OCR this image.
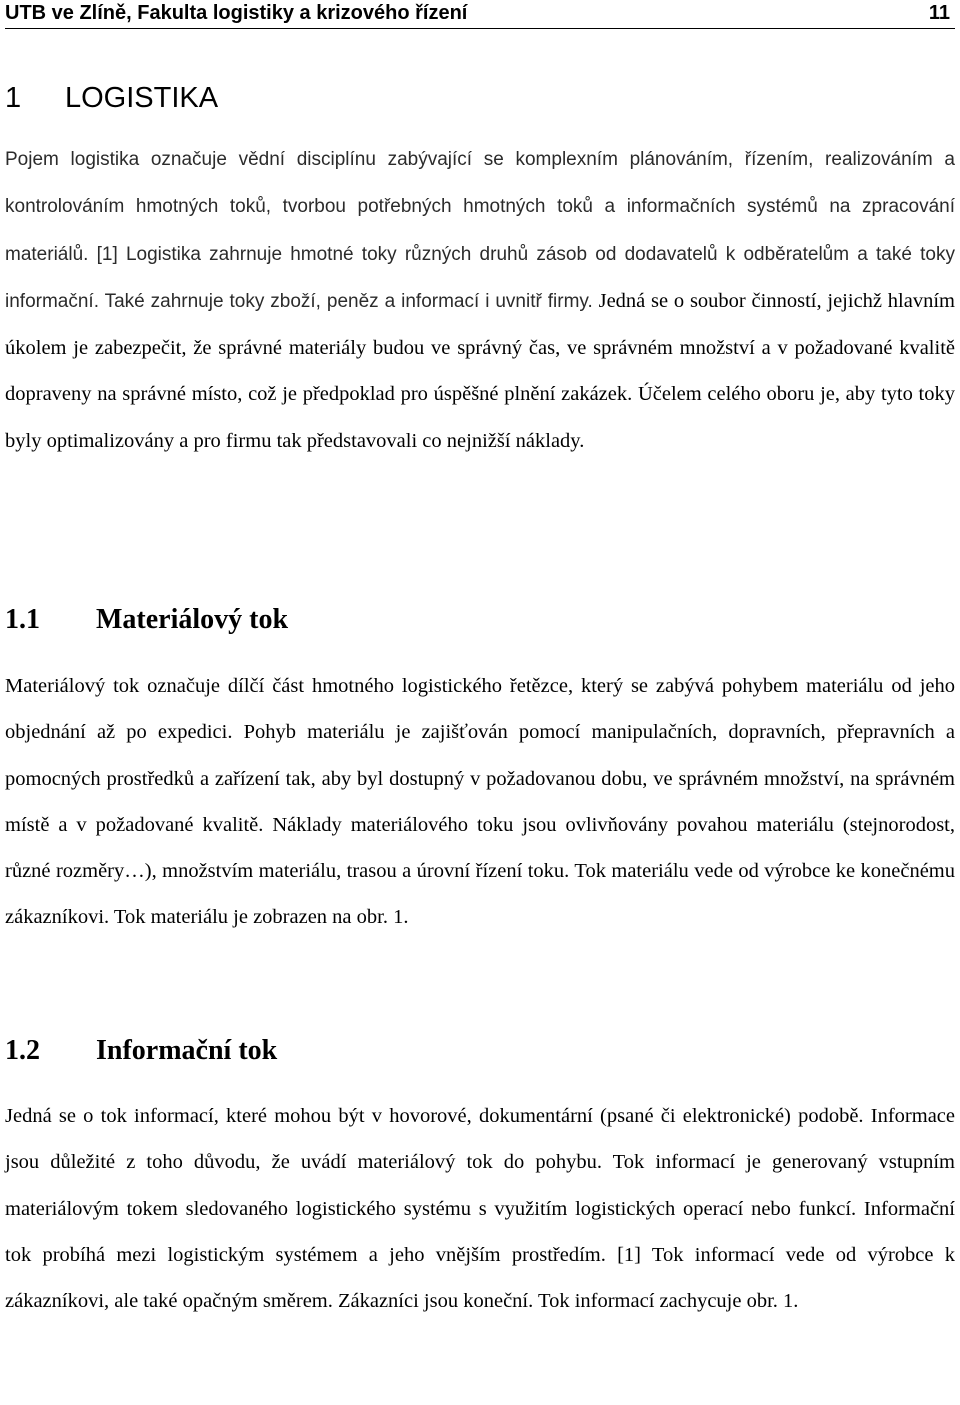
UTB ve Zlíně, Fakulta logistiky a krizového řízení	11
1 LOGISTIKA

Pojem logistika označuje vědní disciplínu zabývající se komplexním plánováním, řízením, realizováním a kontrolováním hmotných toků, tvorbou potřebných hmotných toků a informačních systémů na zpracování materiálů. [1] Logistika zahrnuje hmotné toky různých druhů zásob od dodavatelů k odběratelům a také toky informační. Také zahrnuje toky zboží, peněz a informací i uvnitř firmy. Jedná se o soubor činností, jejichž hlavním úkolem je zabezpečit, že správné materiály budou ve správný čas, ve správném množství a v požadované kvalitě dopraveny na správné místo, což je předpoklad pro úspěšné plnění zakázek. Účelem celého oboru je, aby tyto toky byly optimalizovány a pro firmu tak představovali co nejnižší náklady.

1.1 Materiálový tok

Materiálový tok označuje dílčí část hmotného logistického řetězce, který se zabývá pohybem materiálu od jeho objednání až po expedici. Pohyb materiálu je zajišťován pomocí manipulačních, dopravních, přepravních a pomocných prostředků a zařízení tak, aby byl dostupný v požadovanou dobu, ve správném množství, na správném místě a v požadované kvalitě. Náklady materiálového toku jsou ovlivňovány povahou materiálu (stejnorodost, různé rozměry…), množstvím materiálu, trasou a úrovní řízení toku. Tok materiálu vede od výrobce ke konečnému zákazníkovi. Tok materiálu je zobrazen na obr. 1.

1.2 Informační tok

Jedná se o tok informací, které mohou být v hovorové, dokumentární (psané či elektronické) podobě. Informace jsou důležité z toho důvodu, že uvádí materiálový tok do pohybu. Tok informací je generovaný vstupním materiálovým tokem sledovaného logistického systému s využitím logistických operací nebo funkcí. Informační tok probíhá mezi logistickým systémem a jeho vnějším prostředím. [1] Tok informací vede od výrobce k zákazníkovi, ale také opačným směrem. Zákazníci jsou koneční. Tok informací zachycuje obr. 1.
